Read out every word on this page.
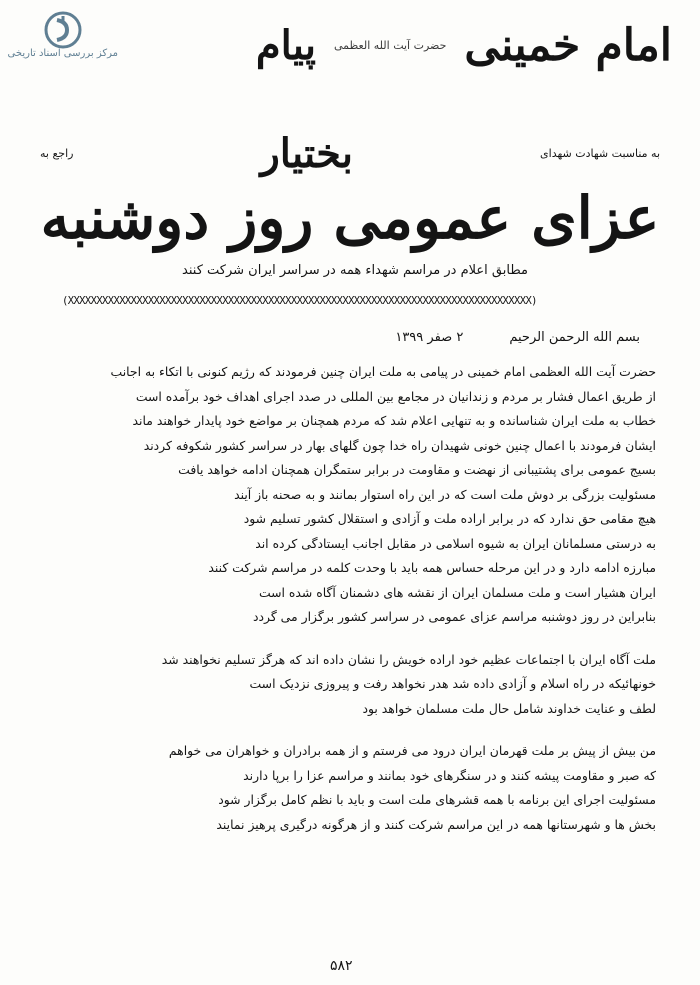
مرکز بررسی اسناد تاریخی	امام خمینی
حضرت آیت الله العظمی
پیام
به مناسبت شهادت شهدای
بختیار
راجع به
عزای عمومی روز دوشنبه
مطابق اعلام در مراسم شهداء همه در سراسر ایران شرکت کنند
(XXXXXXXXXXXXXXXXXXXXXXXXXXXXXXXXXXXXXXXXXXXXXXXXXXXXXXXXXXXXXXXXXXXXXXXXXXXXXXXXX)
بسم الله الرحمن الرحیم
۲ صفر ۱۳۹۹

حضرت آیت الله العظمی امام خمینی در پیامی به ملت ایران چنین فرمودند که رژیم کنونی با اتکاء به اجانب

از طریق اعمال فشار بر مردم و زندانیان در مجامع بین المللی در صدد اجرای اهداف خود برآمده است

خطاب به ملت ایران شناسانده و به تنهایی اعلام شد که مردم همچنان بر مواضع خود پایدار خواهند ماند

ایشان فرمودند با اعمال چنین خونی شهیدان راه خدا چون گلهای بهار در سراسر کشور شکوفه کردند

بسیج عمومی برای پشتیبانی از نهضت و مقاومت در برابر ستمگران همچنان ادامه خواهد یافت

مسئولیت بزرگی بر دوش ملت است که در این راه استوار بمانند و به صحنه باز آیند

هیچ مقامی حق ندارد که در برابر اراده ملت و آزادی و استقلال کشور تسلیم شود

به درستی مسلمانان ایران به شیوه اسلامی در مقابل اجانب ایستادگی کرده اند

مبارزه ادامه دارد و در این مرحله حساس همه باید با وحدت کلمه در مراسم شرکت کنند

ایران هشیار است و ملت مسلمان ایران از نقشه های دشمنان آگاه شده است

بنابراین در روز دوشنبه مراسم عزای عمومی در سراسر کشور برگزار می گردد

ملت آگاه ایران با اجتماعات عظیم خود اراده خویش را نشان داده اند که هرگز تسلیم نخواهند شد

خونهائیکه در راه اسلام و آزادی داده شد هدر نخواهد رفت و پیروزی نزدیک است

لطف و عنایت خداوند شامل حال ملت مسلمان خواهد بود

من بیش از پیش بر ملت قهرمان ایران درود می فرستم و از همه برادران و خواهران می خواهم

که صبر و مقاومت پیشه کنند و در سنگرهای خود بمانند و مراسم عزا را برپا دارند

مسئولیت اجرای این برنامه با همه قشرهای ملت است و باید با نظم کامل برگزار شود

بخش ها و شهرستانها همه در این مراسم شرکت کنند و از هرگونه درگیری پرهیز نمایند

۵۸۲
